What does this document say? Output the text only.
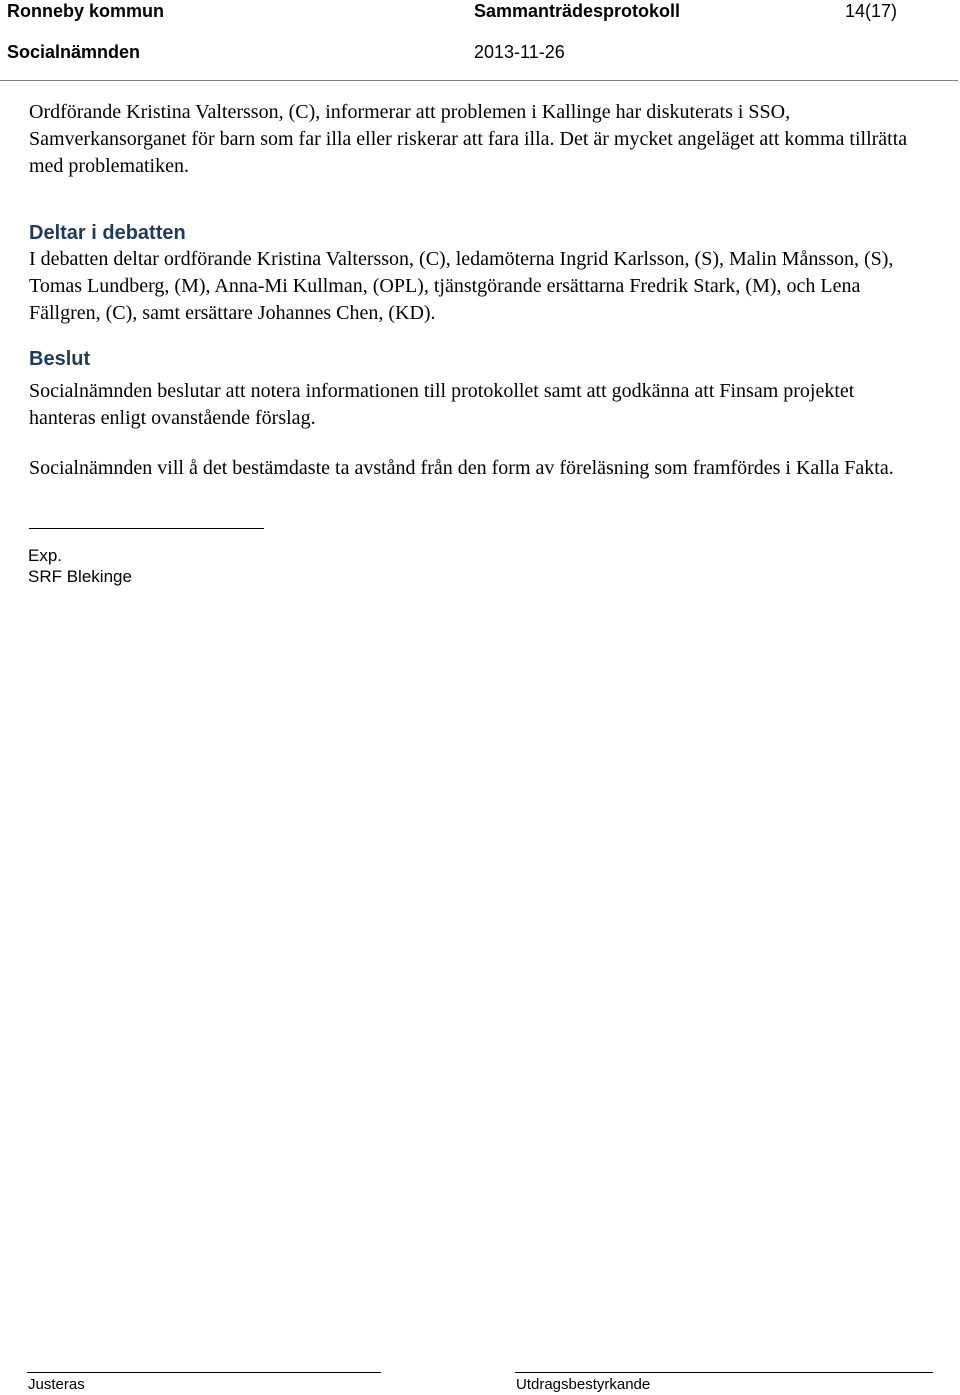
Ronneby kommun	Sammanträdesprotokoll	14(17)
Socialnämnden	2013-11-26

Ordförande Kristina Valtersson, (C), informerar att problemen i Kallinge har diskuterats i SSO, Samverkansorganet för barn som far illa eller riskerar att fara illa. Det är mycket angeläget att komma tillrätta med problematiken.

Deltar i debatten

I debatten deltar ordförande Kristina Valtersson, (C), ledamöterna Ingrid Karlsson, (S), Malin Månsson, (S), Tomas Lundberg, (M), Anna-Mi Kullman, (OPL), tjänstgörande ersättarna Fredrik Stark, (M), och Lena Fällgren, (C), samt ersättare Johannes Chen, (KD).

Beslut

Socialnämnden beslutar att notera informationen till protokollet samt att godkänna att Finsam projektet hanteras enligt ovanstående förslag.

Socialnämnden vill å det bestämdaste ta avstånd från den form av föreläsning som framfördes i Kalla Fakta.

Exp.
SRF Blekinge
Justeras	Utdragsbestyrkande
